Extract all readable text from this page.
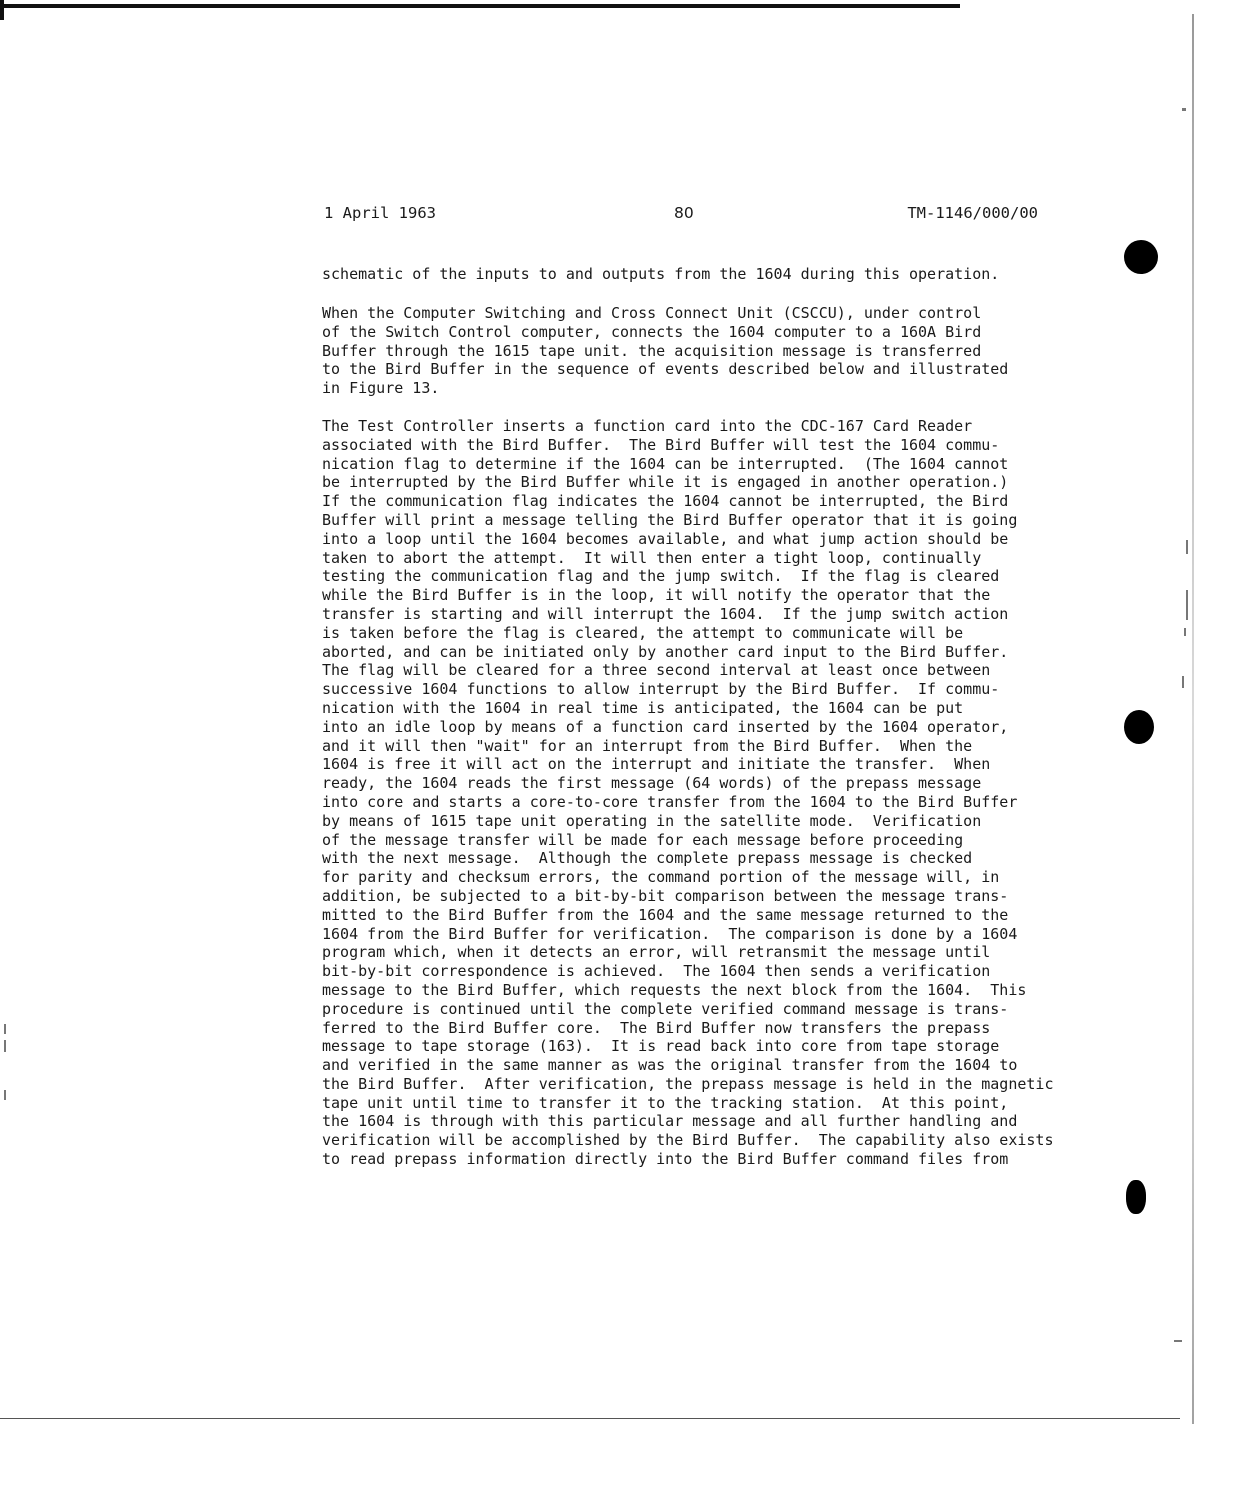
1 April 1963	80	TM-1146/000/00

schematic of the inputs to and outputs from the 1604 during this operation.

When the Computer Switching and Cross Connect Unit (CSCCU), under control
of the Switch Control computer, connects the 1604 computer to a 160A Bird
Buffer through the 1615 tape unit. the acquisition message is transferred
to the Bird Buffer in the sequence of events described below and illustrated
in Figure 13.

The Test Controller inserts a function card into the CDC-167 Card Reader
associated with the Bird Buffer.  The Bird Buffer will test the 1604 commu-
nication flag to determine if the 1604 can be interrupted.  (The 1604 cannot
be interrupted by the Bird Buffer while it is engaged in another operation.)
If the communication flag indicates the 1604 cannot be interrupted, the Bird
Buffer will print a message telling the Bird Buffer operator that it is going
into a loop until the 1604 becomes available, and what jump action should be
taken to abort the attempt.  It will then enter a tight loop, continually
testing the communication flag and the jump switch.  If the flag is cleared
while the Bird Buffer is in the loop, it will notify the operator that the
transfer is starting and will interrupt the 1604.  If the jump switch action
is taken before the flag is cleared, the attempt to communicate will be
aborted, and can be initiated only by another card input to the Bird Buffer.
The flag will be cleared for a three second interval at least once between
successive 1604 functions to allow interrupt by the Bird Buffer.  If commu-
nication with the 1604 in real time is anticipated, the 1604 can be put
into an idle loop by means of a function card inserted by the 1604 operator,
and it will then "wait" for an interrupt from the Bird Buffer.  When the
1604 is free it will act on the interrupt and initiate the transfer.  When
ready, the 1604 reads the first message (64 words) of the prepass message
into core and starts a core-to-core transfer from the 1604 to the Bird Buffer
by means of 1615 tape unit operating in the satellite mode.  Verification
of the message transfer will be made for each message before proceeding
with the next message.  Although the complete prepass message is checked
for parity and checksum errors, the command portion of the message will, in
addition, be subjected to a bit-by-bit comparison between the message trans-
mitted to the Bird Buffer from the 1604 and the same message returned to the
1604 from the Bird Buffer for verification.  The comparison is done by a 1604
program which, when it detects an error, will retransmit the message until
bit-by-bit correspondence is achieved.  The 1604 then sends a verification
message to the Bird Buffer, which requests the next block from the 1604.  This
procedure is continued until the complete verified command message is trans-
ferred to the Bird Buffer core.  The Bird Buffer now transfers the prepass
message to tape storage (163).  It is read back into core from tape storage
and verified in the same manner as was the original transfer from the 1604 to
the Bird Buffer.  After verification, the prepass message is held in the magnetic
tape unit until time to transfer it to the tracking station.  At this point,
the 1604 is through with this particular message and all further handling and
verification will be accomplished by the Bird Buffer.  The capability also exists
to read prepass information directly into the Bird Buffer command files from
